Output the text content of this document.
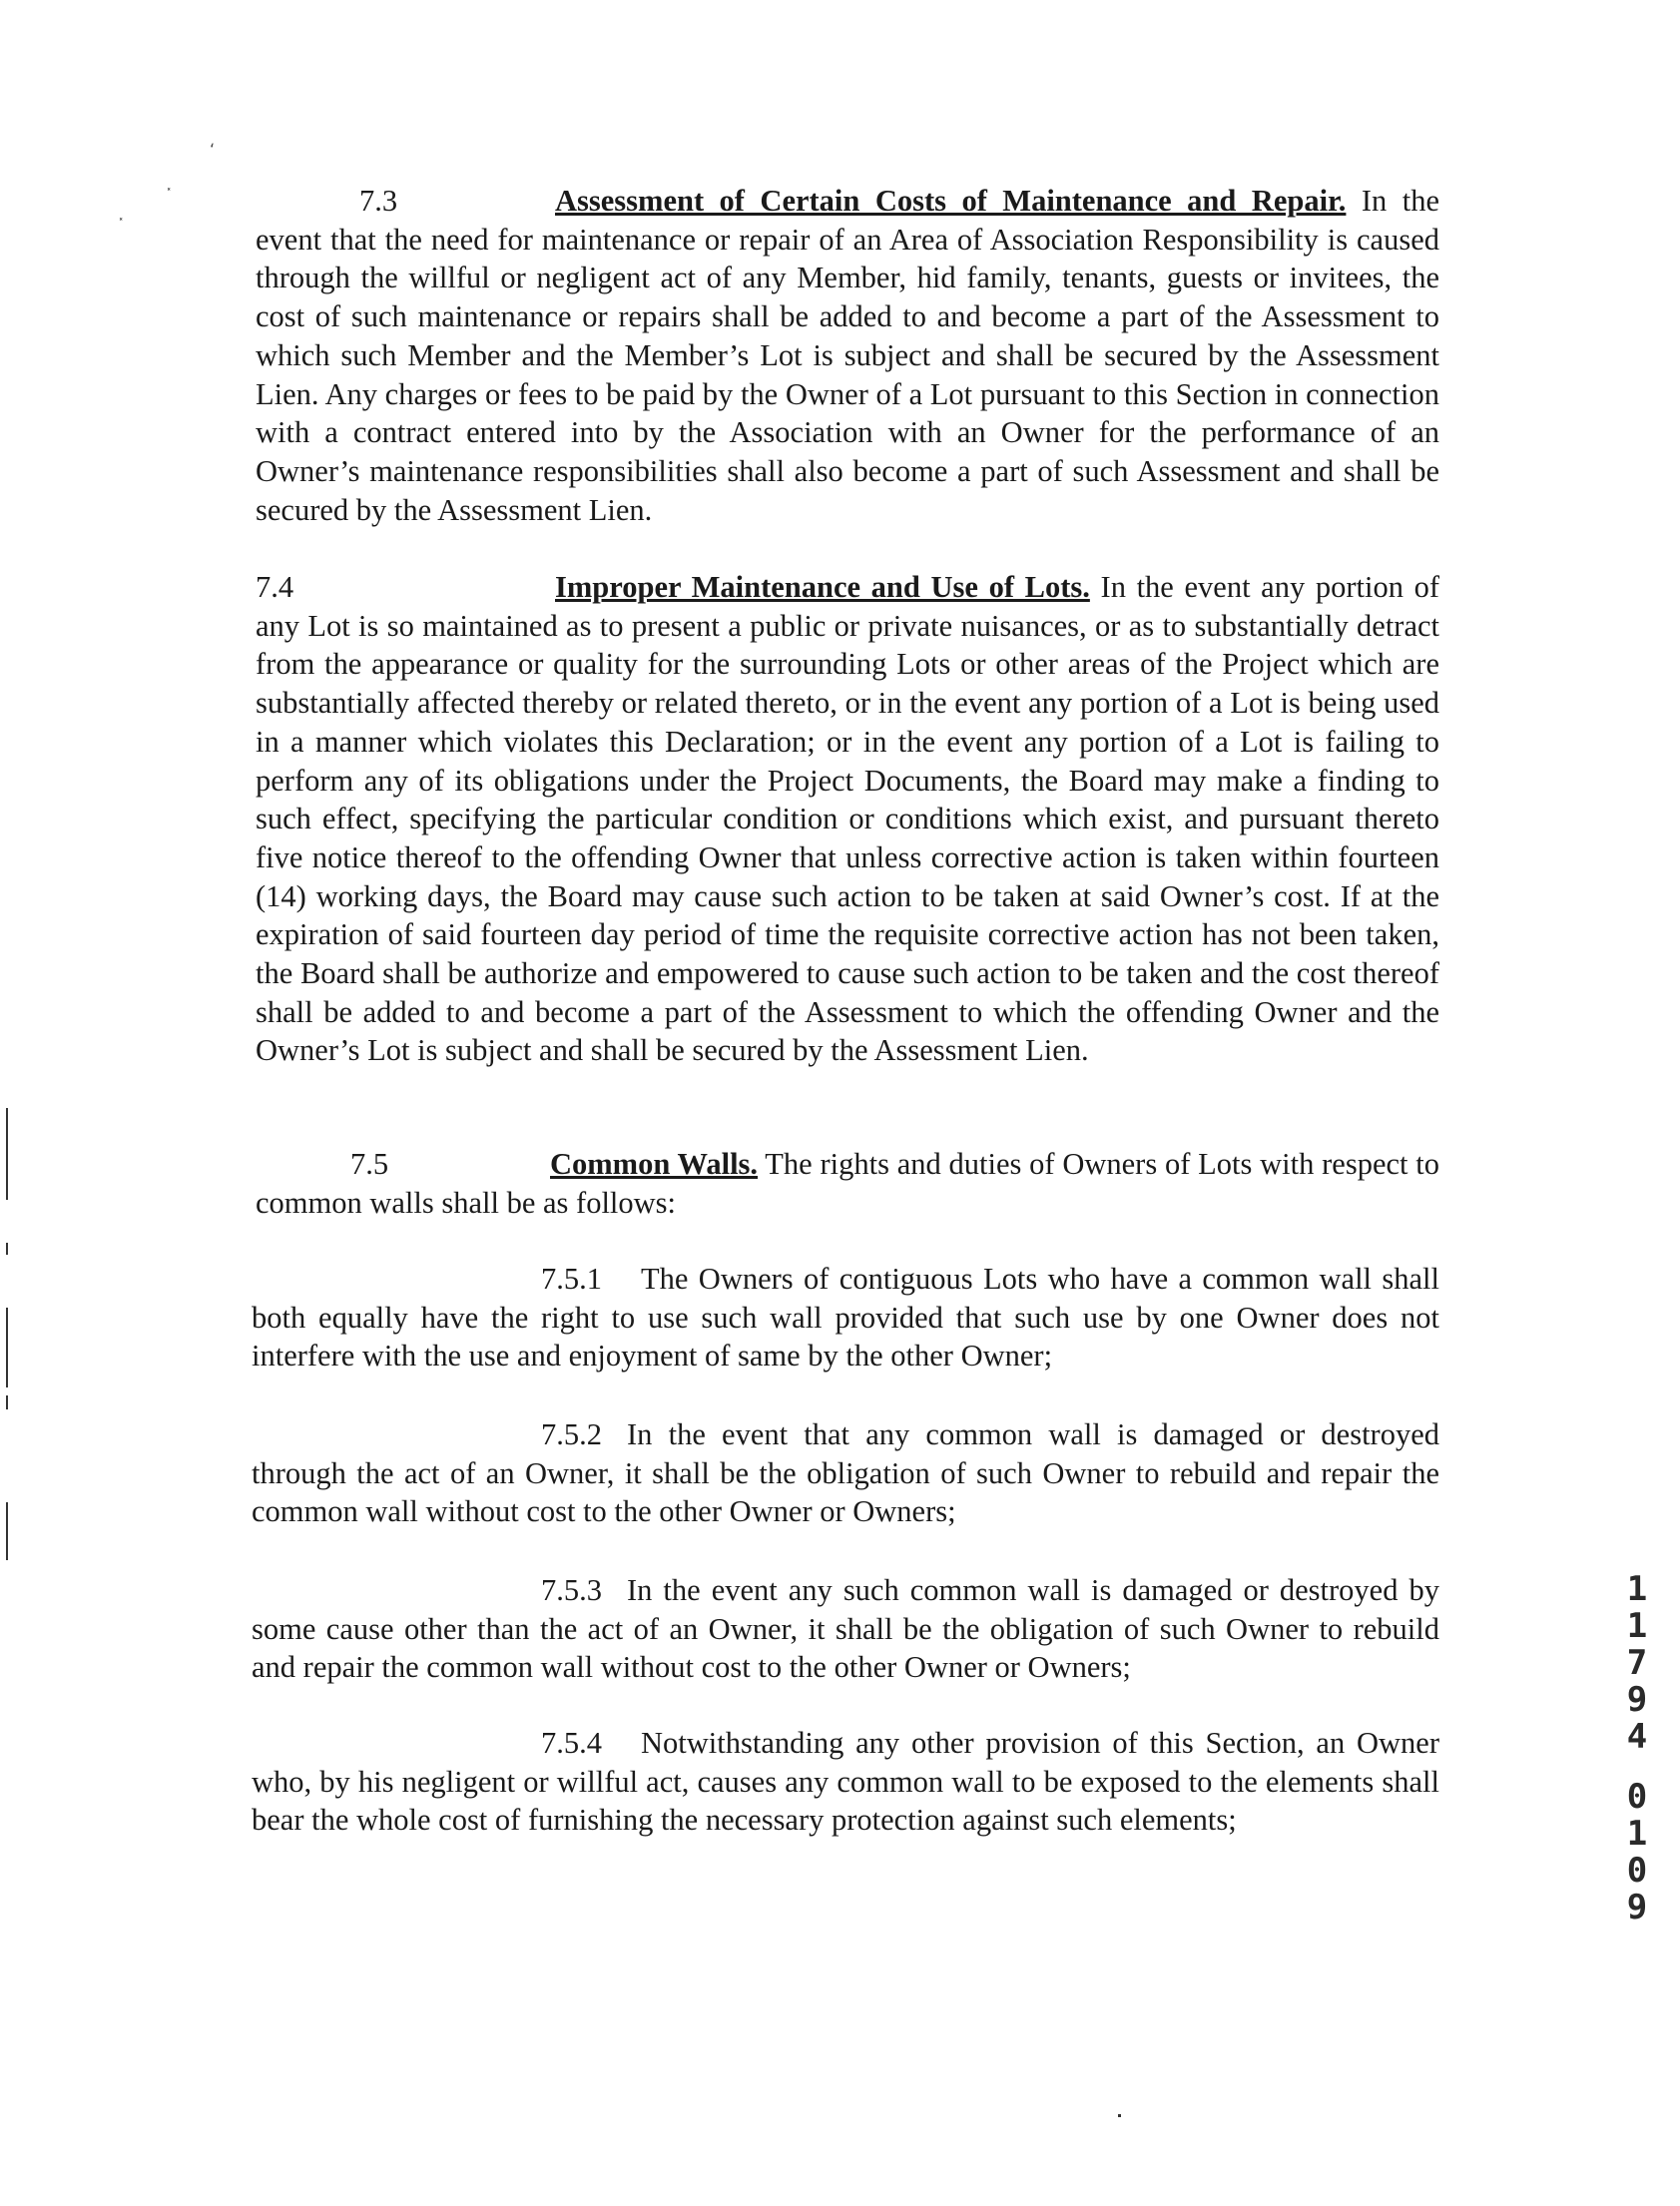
⸼
⸼
‘

7.3	Assessment of Certain Costs of Maintenance and Repair. In the event that the need for maintenance or repair of an Area of Association Responsibility is caused through the willful or negligent act of any Member, hid family, tenants, guests or invitees, the cost of such maintenance or repairs shall be added to and become a part of the Assessment to which such Member and the Member’s Lot is subject and shall be secured by the Assessment Lien. Any charges or fees to be paid by the Owner of a Lot pursuant to this Section in connection with a contract entered into by the Association with an Owner for the performance of an Owner’s maintenance responsibilities shall also become a part of such Assessment and shall be secured by the Assessment Lien.

7.4	Improper Maintenance and Use of Lots. In the event any portion of any Lot is so maintained as to present a public or private nuisances, or as to substantially detract from the appearance or quality for the surrounding Lots or other areas of the Project which are substantially affected thereby or related thereto, or in the event any portion of a Lot is being used in a manner which violates this Declaration; or in the event any portion of a Lot is failing to perform any of its obligations under the Project Documents, the Board may make a finding to such effect, specifying the particular condition or conditions which exist, and pursuant thereto five notice thereof to the offending Owner that unless corrective action is taken within fourteen (14) working days, the Board may cause such action to be taken at said Owner’s cost. If at the expiration of said fourteen day period of time the requisite corrective action has not been taken, the Board shall be authorize and empowered to cause such action to be taken and the cost thereof shall be added to and become a part of the Assessment to which the offending Owner and the Owner’s Lot is subject and shall be secured by the Assessment Lien.

7.5	Common Walls. The rights and duties of Owners of Lots with respect to common walls shall be as follows:

7.5.1 The Owners of contiguous Lots who have a common wall shall both equally have the right to use such wall provided that such use by one Owner does not interfere with the use and enjoyment of same by the other Owner;

7.5.2 In the event that any common wall is damaged or destroyed through the act of an Owner, it shall be the obligation of such Owner to rebuild and repair the common wall without cost to the other Owner or Owners;

7.5.3 In the event any such common wall is damaged or destroyed by some cause other than the act of an Owner, it shall be the obligation of such Owner to rebuild and repair the common wall without cost to the other Owner or Owners;

7.5.4 Notwithstanding any other provision of this Section, an Owner who, by his negligent or willful act, causes any common wall to be exposed to the elements shall bear the whole cost of furnishing the necessary protection against such elements;

1
1
7
9
4
0
1
0
9
